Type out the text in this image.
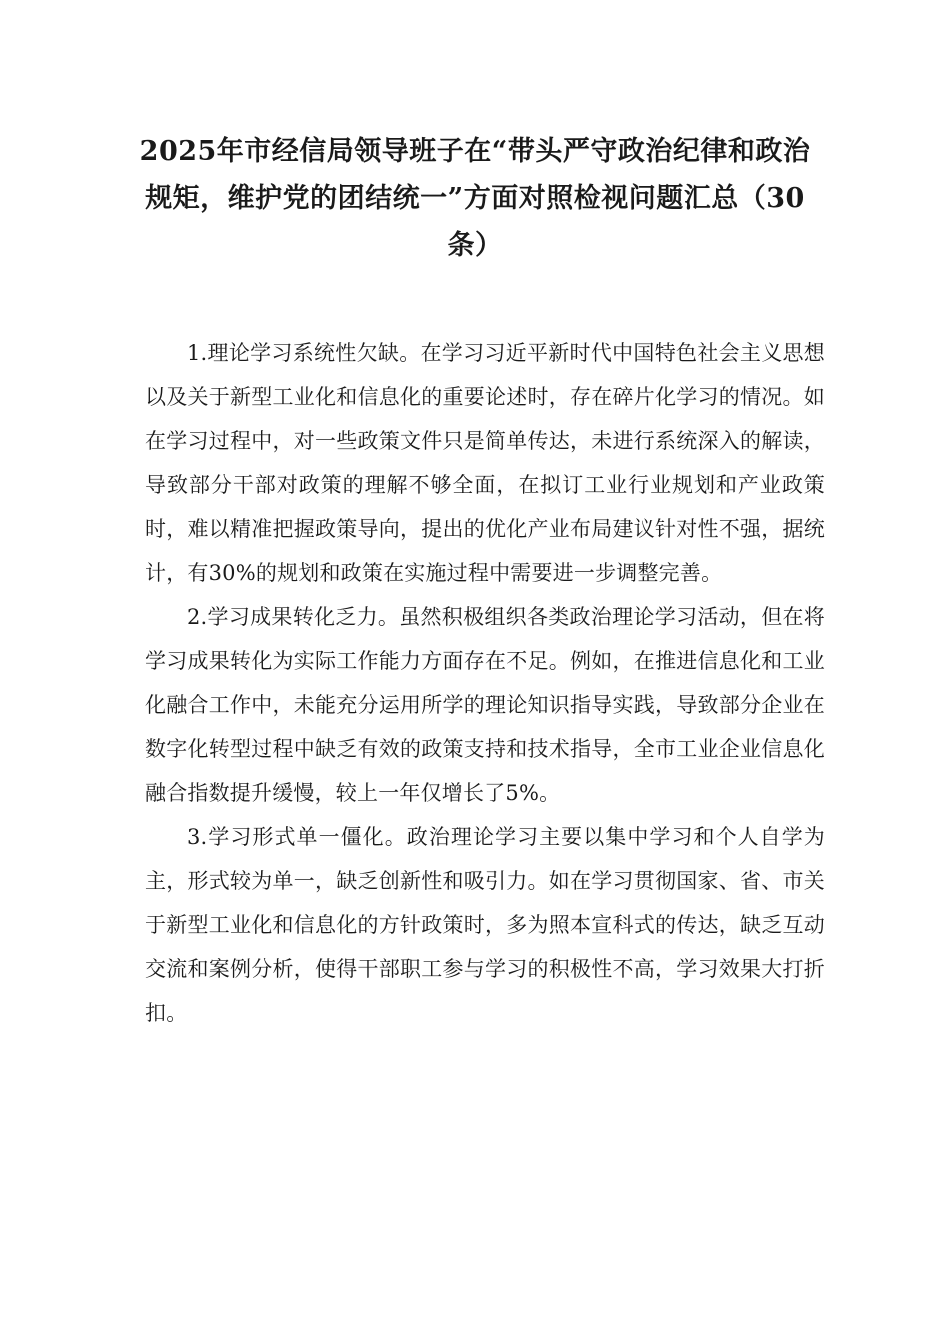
2025年市经信局领导班子在“带头严守政治纪律和政治规矩，维护党的团结统一”方面对照检视问题汇总（30条）

1.理论学习系统性欠缺。在学习习近平新时代中国特色社会主义思想以及关于新型工业化和信息化的重要论述时，存在碎片化学习的情况。如在学习过程中，对一些政策文件只是简单传达，未进行系统深入的解读，导致部分干部对政策的理解不够全面，在拟订工业行业规划和产业政策时，难以精准把握政策导向，提出的优化产业布局建议针对性不强，据统计，有30%的规划和政策在实施过程中需要进一步调整完善。

2.学习成果转化乏力。虽然积极组织各类政治理论学习活动，但在将学习成果转化为实际工作能力方面存在不足。例如，在推进信息化和工业化融合工作中，未能充分运用所学的理论知识指导实践，导致部分企业在数字化转型过程中缺乏有效的政策支持和技术指导，全市工业企业信息化融合指数提升缓慢，较上一年仅增长了5%。

3.学习形式单一僵化。政治理论学习主要以集中学习和个人自学为主，形式较为单一，缺乏创新性和吸引力。如在学习贯彻国家、省、市关于新型工业化和信息化的方针政策时，多为照本宣科式的传达，缺乏互动交流和案例分析，使得干部职工参与学习的积极性不高，学习效果大打折扣。
